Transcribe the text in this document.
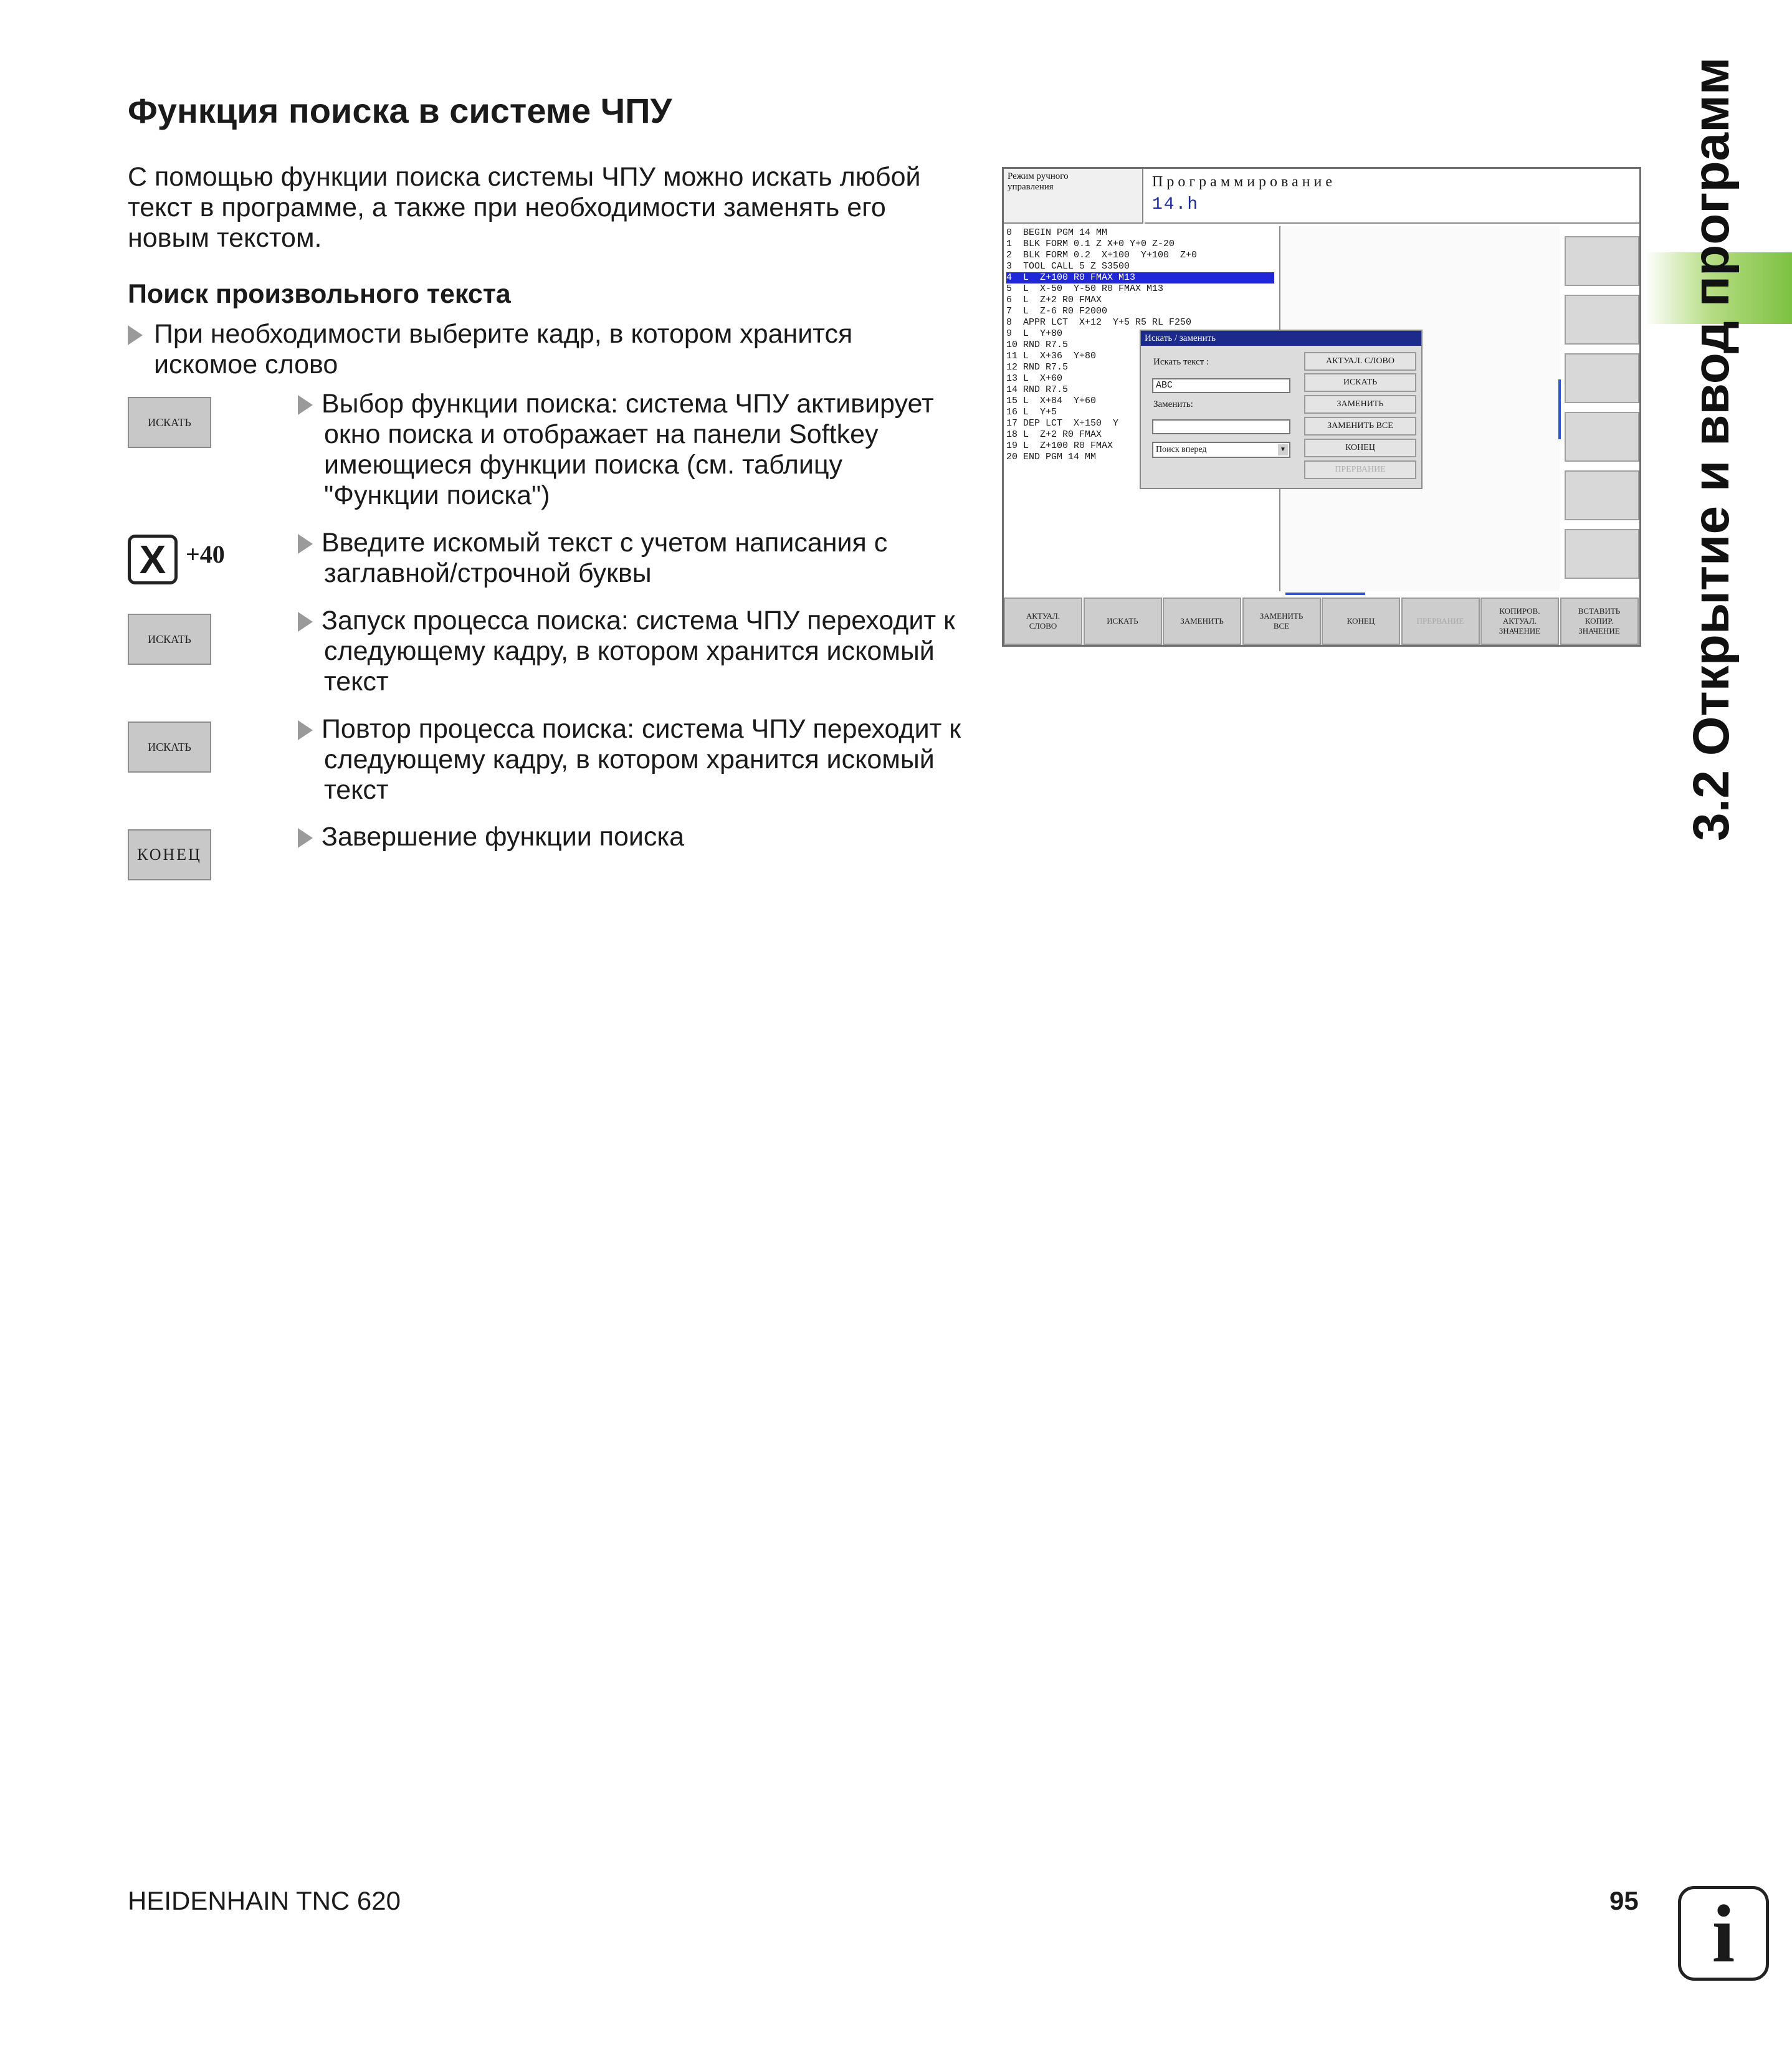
Функция поиска в системе ЧПУ
С помощью функции поиска системы ЧПУ можно искать любой текст в программе, а также при необходимости заменять его новым текстом.
Поиск произвольного текста
При необходимости выберите кадр, в котором хранится
искомое слово
ИСКАТЬ
Выбор функции поиска: система ЧПУ активирует
окно поиска и отображает на панели Softkey
имеющиеся функции поиска (см. таблицу
"Функции поиска")
X +40	Введите искомый текст с учетом написания с
заглавной/строчной буквы
ИСКАТЬ
Запуск процесса поиска: система ЧПУ переходит к
следующему кадру, в котором хранится искомый
текст
ИСКАТЬ
Повтор процесса поиска: система ЧПУ переходит к
следующему кадру, в котором хранится искомый
текст
КОНЕЦ
Завершение функции поиска	3.2 Открытие и ввод программ
Режим ручного
управления	Программирование
14.h
0  BEGIN PGM 14 MM
1  BLK FORM 0.1 Z X+0 Y+0 Z-20
2  BLK FORM 0.2  X+100  Y+100  Z+0
3  TOOL CALL 5 Z S3500
4  L  Z+100 R0 FMAX M13
5  L  X-50  Y-50 R0 FMAX M13
6  L  Z+2 R0 FMAX
7  L  Z-6 R0 F2000
8  APPR LCT  X+12  Y+5 R5 RL F250
9  L  Y+80
10 RND R7.5
11 L  X+36  Y+80
12 RND R7.5
13 L  X+60
14 RND R7.5
15 L  X+84  Y+60
16 L  Y+5
17 DEP LCT  X+150  Y
18 L  Z+2 R0 FMAX
19 L  Z+100 R0 FMAX
20 END PGM 14 MM
Искать / заменить
Искать текст :
ABC
Заменить:
Поиск вперед	▼
АКТУАЛ. СЛОВО
ИСКАТЬ
ЗАМЕНИТЬ
ЗАМЕНИТЬ ВСЕ
КОНЕЦ
ПРЕРВАНИЕ
АКТУАЛ.
СЛОВО
ИСКАТЬ	ЗАМЕНИТЬ
ЗАМЕНИТЬ
ВСЕ
КОНЕЦ	ПРЕРВАНИЕ
КОПИРОВ.
АКТУАЛ.
ЗНАЧЕНИЕ
ВСТАВИТЬ
КОПИР.
ЗНАЧЕНИЕ
HEIDENHAIN TNC 620	95 i
